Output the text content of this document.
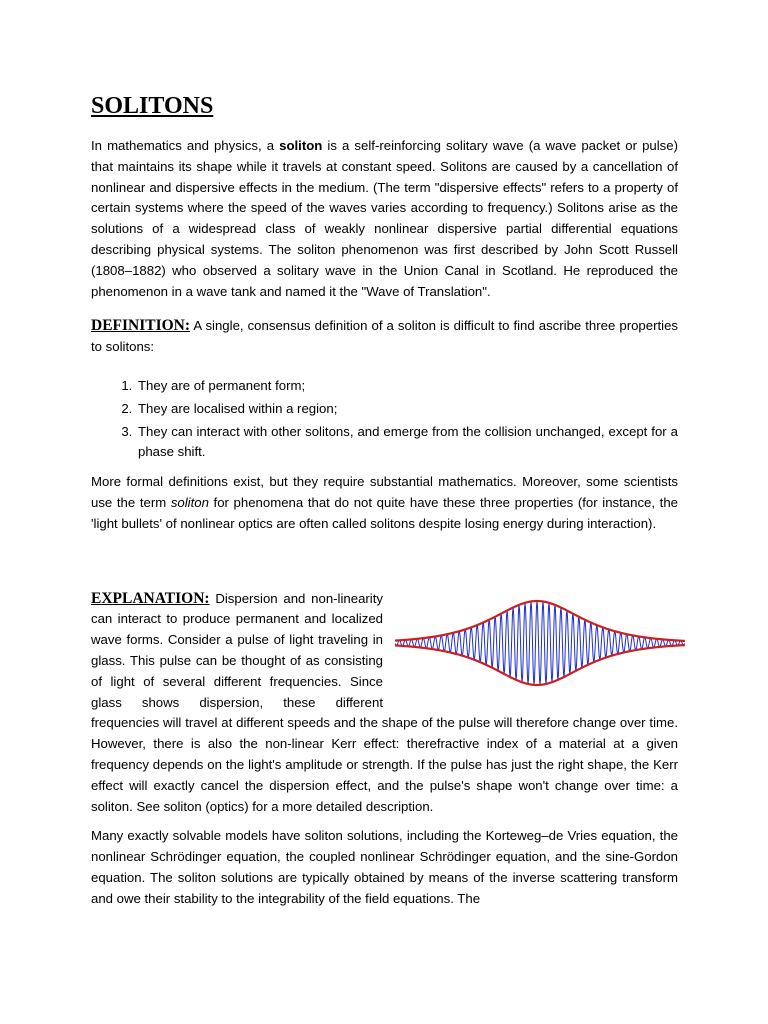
SOLITONS

In mathematics and physics, a soliton is a self-reinforcing solitary wave (a wave packet or pulse) that maintains its shape while it travels at constant speed. Solitons are caused by a cancellation of nonlinear and dispersive effects in the medium. (The term "dispersive effects" refers to a property of certain systems where the speed of the waves varies according to frequency.) Solitons arise as the solutions of a widespread class of weakly nonlinear dispersive partial differential equations describing physical systems. The soliton phenomenon was first described by John Scott Russell (1808–1882) who observed a solitary wave in the Union Canal in Scotland. He reproduced the phenomenon in a wave tank and named it the "Wave of Translation".

DEFINITION: A single, consensus definition of a soliton is difficult to find ascribe three properties to solitons:

1. They are of permanent form;
2. They are localised within a region;
3. They can interact with other solitons, and emerge from the collision unchanged, except for a phase shift.

More formal definitions exist, but they require substantial mathematics. Moreover, some scientists use the term soliton for phenomena that do not quite have these three properties (for instance, the 'light bullets' of nonlinear optics are often called solitons despite losing energy during interaction).

EXPLANATION: Dispersion and non-linearity can interact to produce permanent and localized wave forms. Consider a pulse of light traveling in glass. This pulse can be thought of as consisting of light of several different frequencies. Since glass shows dispersion, these different frequencies will travel at different speeds and the shape of the pulse will therefore change over time. However, there is also the non-linear Kerr effect: therefractive index of a material at a given frequency depends on the light's amplitude or strength. If the pulse has just the right shape, the Kerr effect will exactly cancel the dispersion effect, and the pulse's shape won't change over time: a soliton. See soliton (optics) for a more detailed description.

Many exactly solvable models have soliton solutions, including the Korteweg–de Vries equation, the nonlinear Schrödinger equation, the coupled nonlinear Schrödinger equation, and the sine-Gordon equation. The soliton solutions are typically obtained by means of the inverse scattering transform and owe their stability to the integrability of the field equations. The
